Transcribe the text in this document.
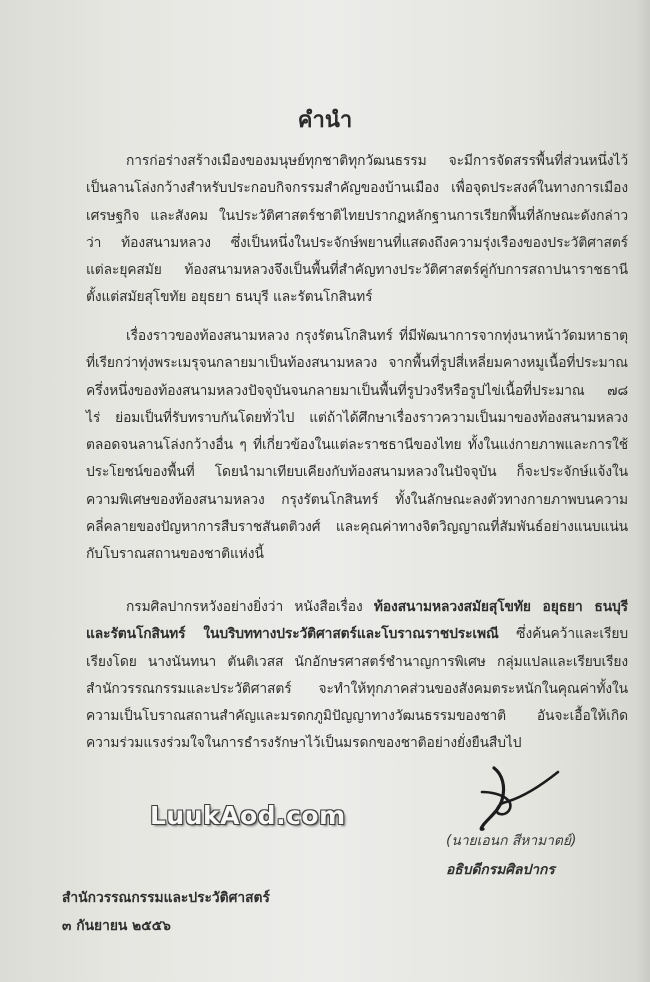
คำนำ

การก่อร่างสร้างเมืองของมนุษย์ทุกชาติทุกวัฒนธรรม จะมีการจัดสรรพื้นที่ส่วนหนึ่งไว้เป็นลานโล่งกว้างสำหรับประกอบกิจกรรมสำคัญของบ้านเมือง เพื่อจุดประสงค์ในทางการเมือง เศรษฐกิจ และสังคม ในประวัติศาสตร์ชาติไทยปรากฏหลักฐานการเรียกพื้นที่ลักษณะดังกล่าวว่า ท้องสนามหลวง ซึ่งเป็นหนึ่งในประจักษ์พยานที่แสดงถึงความรุ่งเรืองของประวัติศาสตร์แต่ละยุคสมัย ท้องสนามหลวงจึงเป็นพื้นที่สำคัญทางประวัติศาสตร์คู่กับการสถาปนาราชธานีตั้งแต่สมัยสุโขทัย อยุธยา ธนบุรี และรัตนโกสินทร์

เรื่องราวของท้องสนามหลวง กรุงรัตนโกสินทร์ ที่มีพัฒนาการจากทุ่งนาหน้าวัดมหาธาตุที่เรียกว่าทุ่งพระเมรุจนกลายมาเป็นท้องสนามหลวง จากพื้นที่รูปสี่เหลี่ยมคางหมูเนื้อที่ประมาณครึ่งหนึ่งของท้องสนามหลวงปัจจุบันจนกลายมาเป็นพื้นที่รูปวงรีหรือรูปไข่เนื้อที่ประมาณ ๗๘ ไร่ ย่อมเป็นที่รับทราบกันโดยทั่วไป แต่ถ้าได้ศึกษาเรื่องราวความเป็นมาของท้องสนามหลวงตลอดจนลานโล่งกว้างอื่น ๆ ที่เกี่ยวข้องในแต่ละราชธานีของไทย ทั้งในแง่กายภาพและการใช้ประโยชน์ของพื้นที่ โดยนำมาเทียบเคียงกับท้องสนามหลวงในปัจจุบัน ก็จะประจักษ์แจ้งในความพิเศษของท้องสนามหลวง กรุงรัตนโกสินทร์ ทั้งในลักษณะลงตัวทางกายภาพบนความคลี่คลายของปัญหาการสืบราชสันตติวงศ์ และคุณค่าทางจิตวิญญาณที่สัมพันธ์อย่างแนบแน่นกับโบราณสถานของชาติแห่งนี้

กรมศิลปากรหวังอย่างยิ่งว่า หนังสือเรื่อง ท้องสนามหลวงสมัยสุโขทัย อยุธยา ธนบุรี และรัตนโกสินทร์ ในบริบททางประวัติศาสตร์และโบราณราชประเพณี ซึ่งค้นคว้าและเรียบเรียงโดย นางนันทนา ตันติเวสส นักอักษรศาสตร์ชำนาญการพิเศษ กลุ่มแปลและเรียบเรียง สำนักวรรณกรรมและประวัติศาสตร์ จะทำให้ทุกภาคส่วนของสังคมตระหนักในคุณค่าทั้งในความเป็นโบราณสถานสำคัญและมรดกภูมิปัญญาทางวัฒนธรรมของชาติ อันจะเอื้อให้เกิดความร่วมแรงร่วมใจในการธำรงรักษาไว้เป็นมรดกของชาติอย่างยั่งยืนสืบไป

LuukAod.com
(นายเอนก สีหามาตย์)
อธิบดีกรมศิลปากร
สำนักวรรณกรรมและประวัติศาสตร์
๓ กันยายน ๒๕๕๖
